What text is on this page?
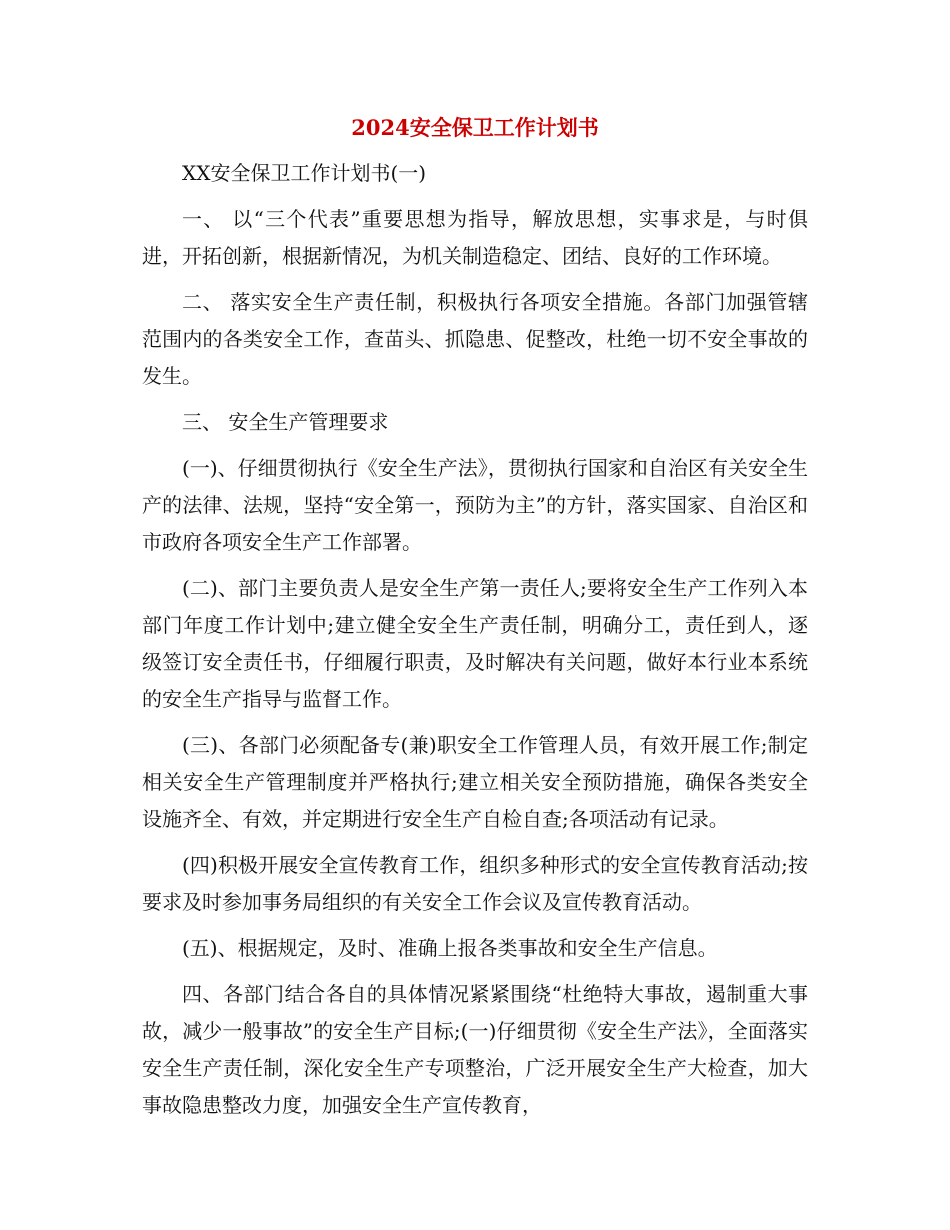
2024安全保卫工作计划书

XX安全保卫工作计划书(一)

一、 以“三个代表”重要思想为指导，解放思想，实事求是，与时俱进，开拓创新，根据新情况，为机关制造稳定、团结、良好的工作环境。

二、 落实安全生产责任制，积极执行各项安全措施。各部门加强管辖范围内的各类安全工作，查苗头、抓隐患、促整改，杜绝一切不安全事故的发生。

三、 安全生产管理要求

(一)、仔细贯彻执行《安全生产法》，贯彻执行国家和自治区有关安全生产的法律、法规，坚持“安全第一，预防为主”的方针，落实国家、自治区和市政府各项安全生产工作部署。

(二)、部门主要负责人是安全生产第一责任人;要将安全生产工作列入本部门年度工作计划中;建立健全安全生产责任制，明确分工，责任到人，逐级签订安全责任书，仔细履行职责，及时解决有关问题，做好本行业本系统的安全生产指导与监督工作。

(三)、各部门必须配备专(兼)职安全工作管理人员，有效开展工作;制定相关安全生产管理制度并严格执行;建立相关安全预防措施，确保各类安全设施齐全、有效，并定期进行安全生产自检自查;各项活动有记录。

(四)积极开展安全宣传教育工作，组织多种形式的安全宣传教育活动;按要求及时参加事务局组织的有关安全工作会议及宣传教育活动。

(五)、根据规定，及时、准确上报各类事故和安全生产信息。

四、各部门结合各自的具体情况紧紧围绕“杜绝特大事故，遏制重大事故，减少一般事故”的安全生产目标;(一)仔细贯彻《安全生产法》，全面落实安全生产责任制，深化安全生产专项整治，广泛开展安全生产大检查，加大事故隐患整改力度，加强安全生产宣传教育，
